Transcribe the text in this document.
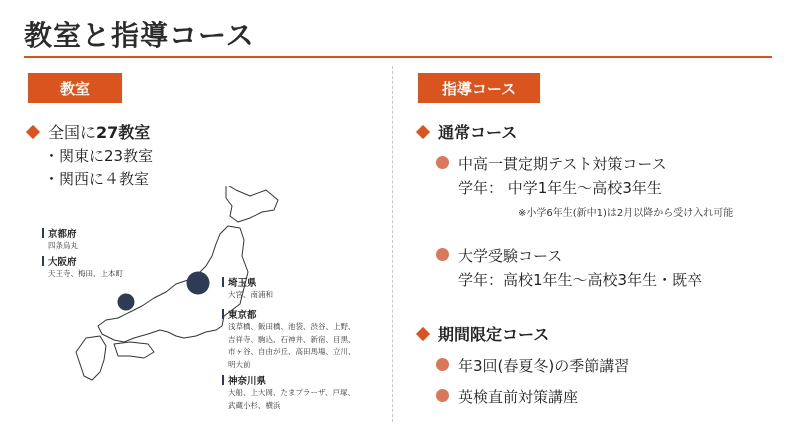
教室と指導コース
教室
全国に27教室
・関東に23教室
・関西に４教室
京都府
四条烏丸
大阪府
天王寺、梅田、上本町
埼玉県
大宮、南浦和
東京都
浅草橋、飯田橋、池袋、渋谷、上野、
吉祥寺、駒込、石神井、新宿、目黒、
市ヶ谷、自由が丘、高田馬場、立川、
明大前
神奈川県
大船、上大岡、たまプラーザ、戸塚、
武蔵小杉、横浜
指導コース
通常コース
中高一貫定期テスト対策コース
学年： 中学1年生〜高校3年生
※小学6年生(新中1)は2月以降から受け入れ可能
大学受験コース
学年：高校1年生〜高校3年生・既卒
期間限定コース
年3回(春夏冬)の季節講習
英検直前対策講座
